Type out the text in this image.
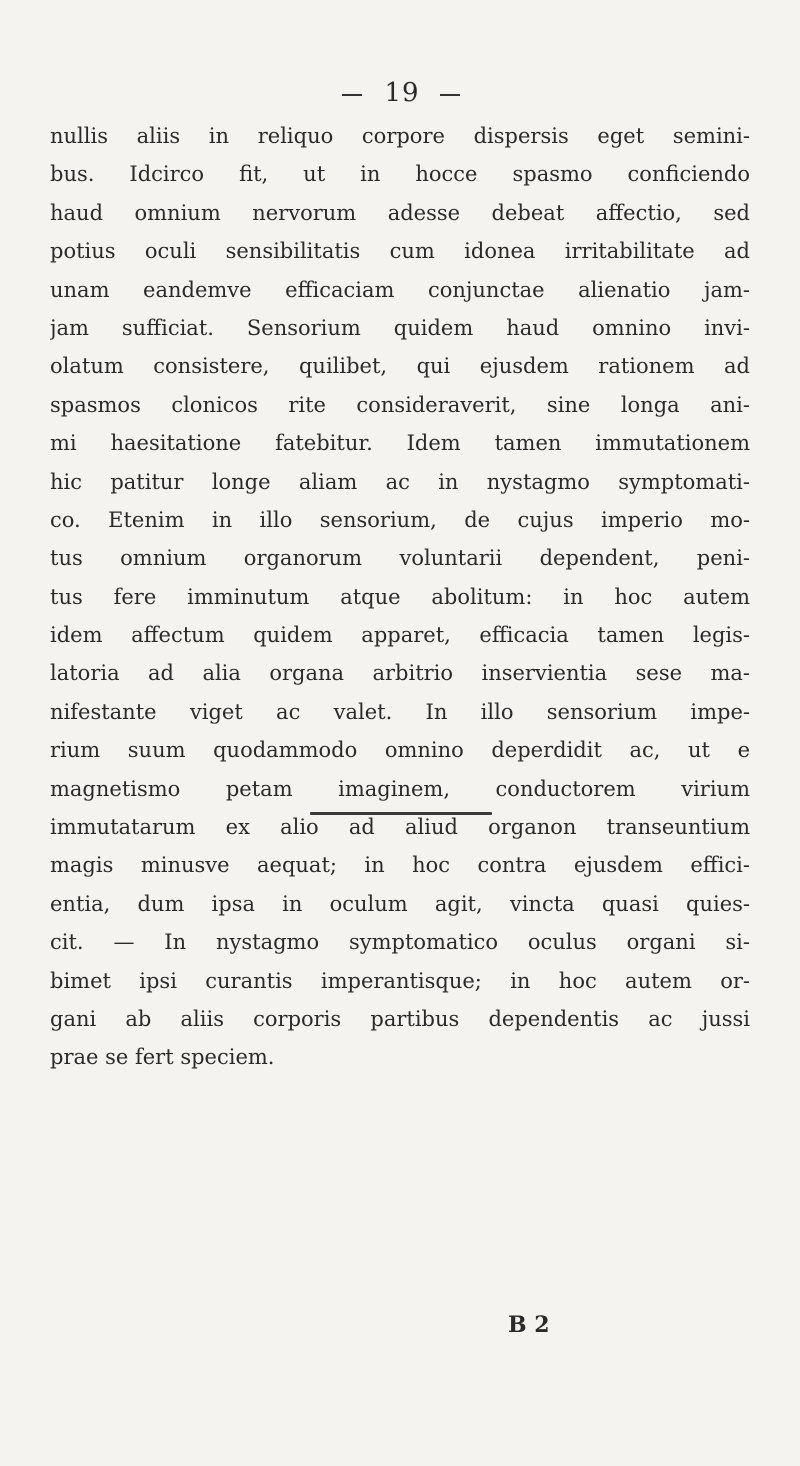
19
nullis aliis in reliquo corpore dispersis eget semini-
bus. Idcirco fit, ut in hocce spasmo conficiendo
haud omnium nervorum adesse debeat affectio, sed
potius oculi sensibilitatis cum idonea irritabilitate ad
unam eandemve efficaciam conjunctae alienatio jam-
jam sufficiat. Sensorium quidem haud omnino invi-
olatum consistere, quilibet, qui ejusdem rationem ad
spasmos clonicos rite consideraverit, sine longa ani-
mi haesitatione fatebitur. Idem tamen immutationem
hic patitur longe aliam ac in nystagmo symptomati-
co. Etenim in illo sensorium, de cujus imperio mo-
tus omnium organorum voluntarii dependent, peni-
tus fere imminutum atque abolitum: in hoc autem
idem affectum quidem apparet, efficacia tamen legis-
latoria ad alia organa arbitrio inservientia sese ma-
nifestante viget ac valet. In illo sensorium impe-
rium suum quodammodo omnino deperdidit ac, ut e
magnetismo petam imaginem, conductorem virium
immutatarum ex alio ad aliud organon transeuntium
magis minusve aequat; in hoc contra ejusdem effici-
entia, dum ipsa in oculum agit, vincta quasi quies-
cit. — In nystagmo symptomatico oculus organi si-
bimet ipsi curantis imperantisque; in hoc autem or-
gani ab aliis corporis partibus dependentis ac jussi
prae se fert speciem.
B 2
